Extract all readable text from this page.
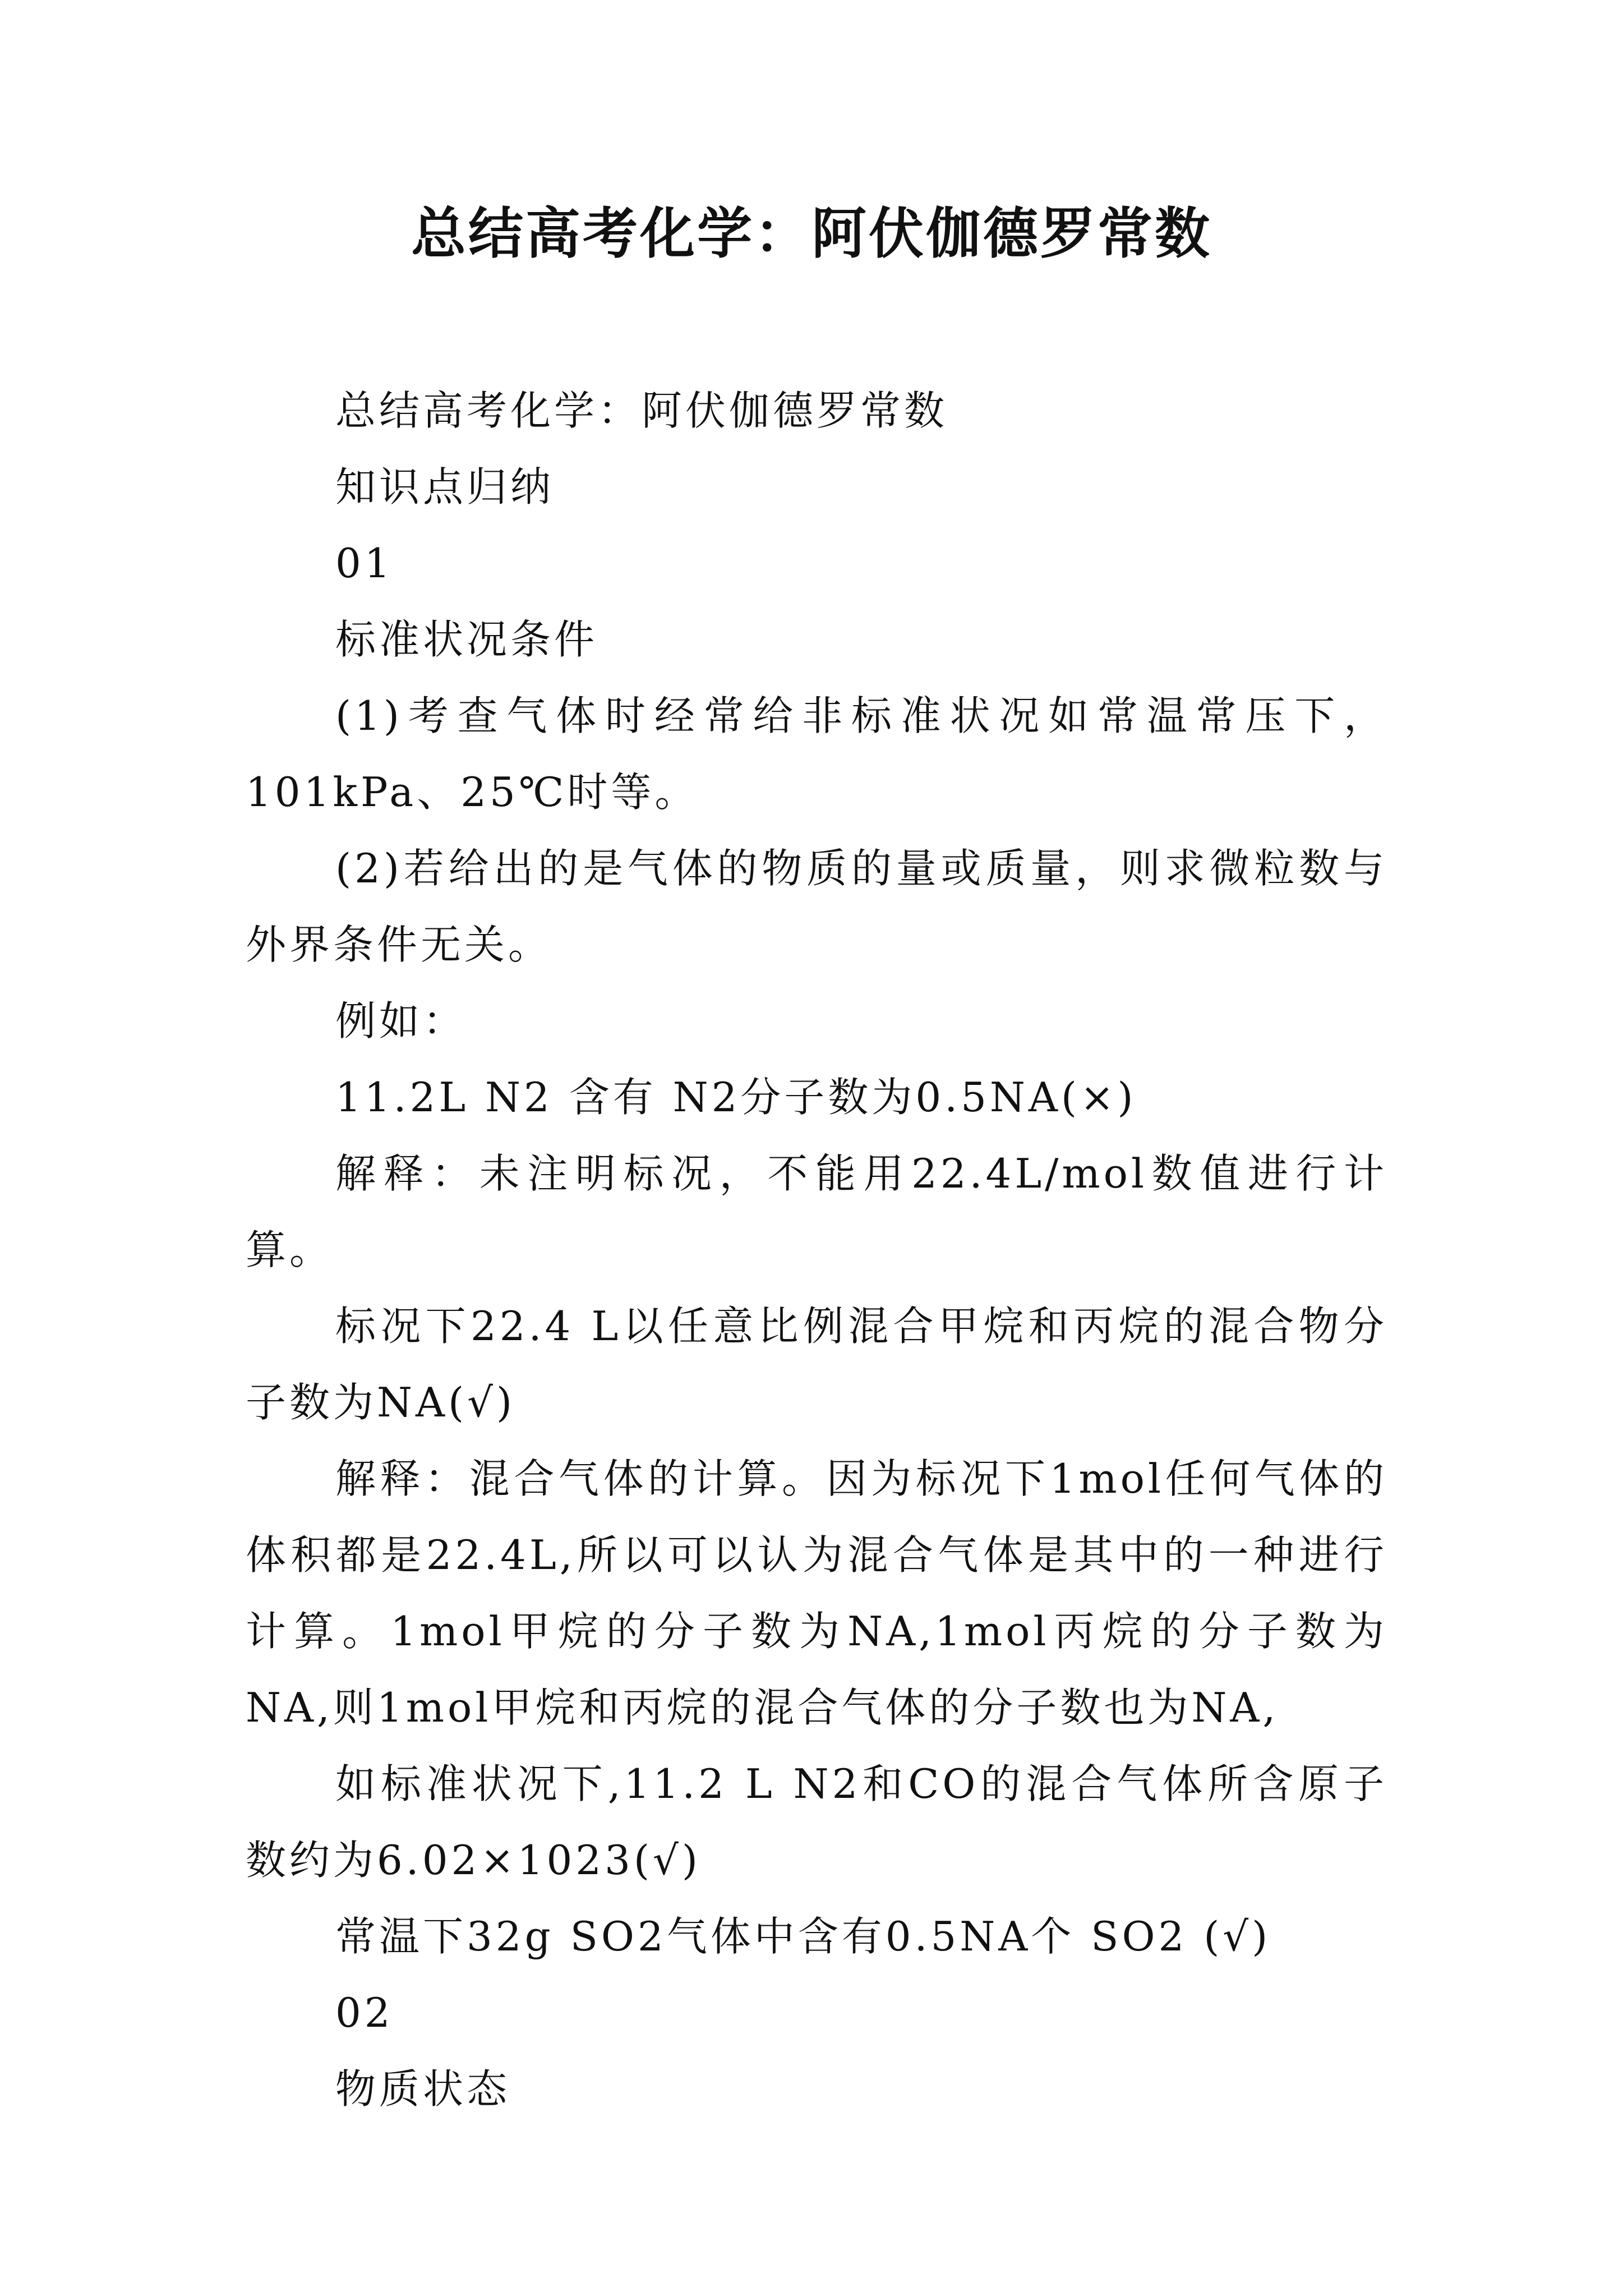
总结高考化学：阿伏伽德罗常数

总结高考化学：阿伏伽德罗常数

知识点归纳

01

标准状况条件

(1)考查气体时经常给非标准状况如常温常压下，101kPa、25℃时等。

(2)若给出的是气体的物质的量或质量，则求微粒数与外界条件无关。

例如：

11.2L N2 含有 N2分子数为0.5NA(×)

解释：未注明标况，不能用22.4L/mol数值进行计算。

标况下22.4 L以任意比例混合甲烷和丙烷的混合物分子数为NA(√)

解释：混合气体的计算。因为标况下1mol任何气体的体积都是22.4L,所以可以认为混合气体是其中的一种进行计算。1mol甲烷的分子数为NA,1mol丙烷的分子数为NA,则1mol甲烷和丙烷的混合气体的分子数也为NA,

如标准状况下,11.2 L N2和CO的混合气体所含原子数约为6.02×1023(√)

常温下32g SO2气体中含有0.5NA个 SO2 (√)

02

物质状态
